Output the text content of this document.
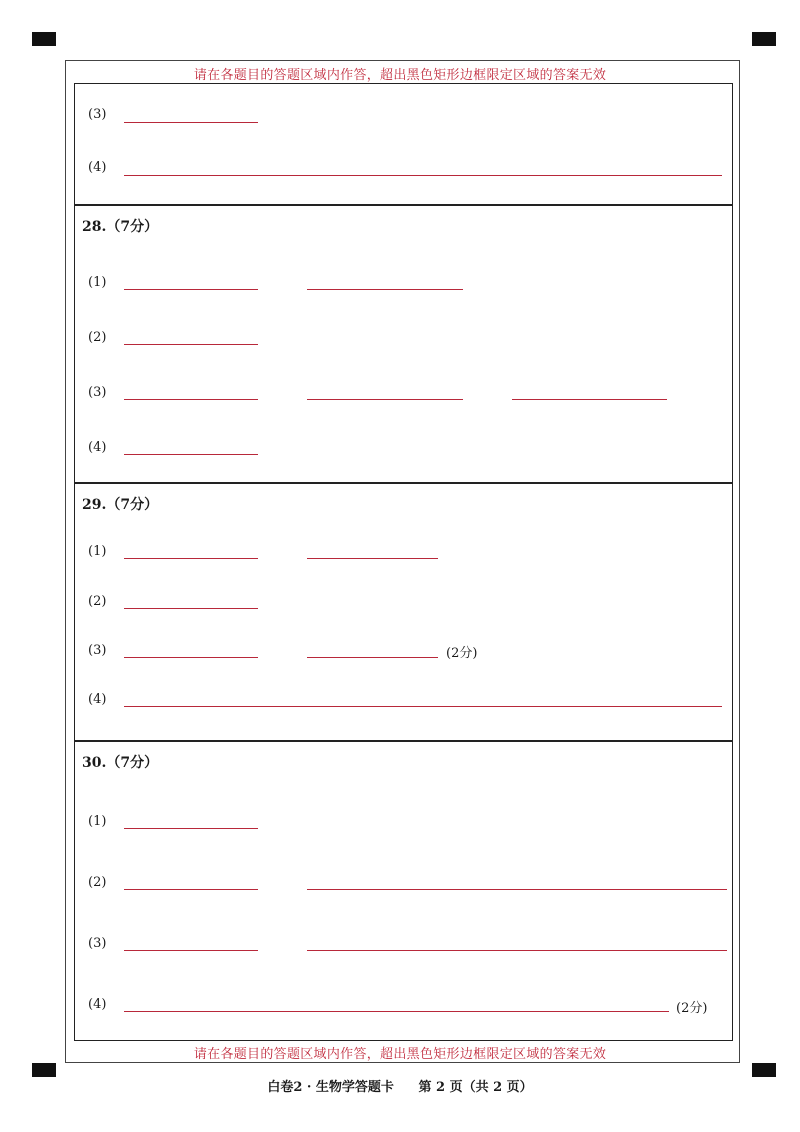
请在各题目的答题区域内作答，超出黑色矩形边框限定区域的答案无效
(3)
(4)
28.（7分）
(1)
(2)
(3)
(4)
29.（7分）
(1)
(2)
(3)	(2分)
(4)
30.（7分）
(1)
(2)
(3)
(4)	(2分)
请在各题目的答题区域内作答，超出黑色矩形边框限定区域的答案无效
白卷2 · 生物学答题卡 第 2 页（共 2 页）
